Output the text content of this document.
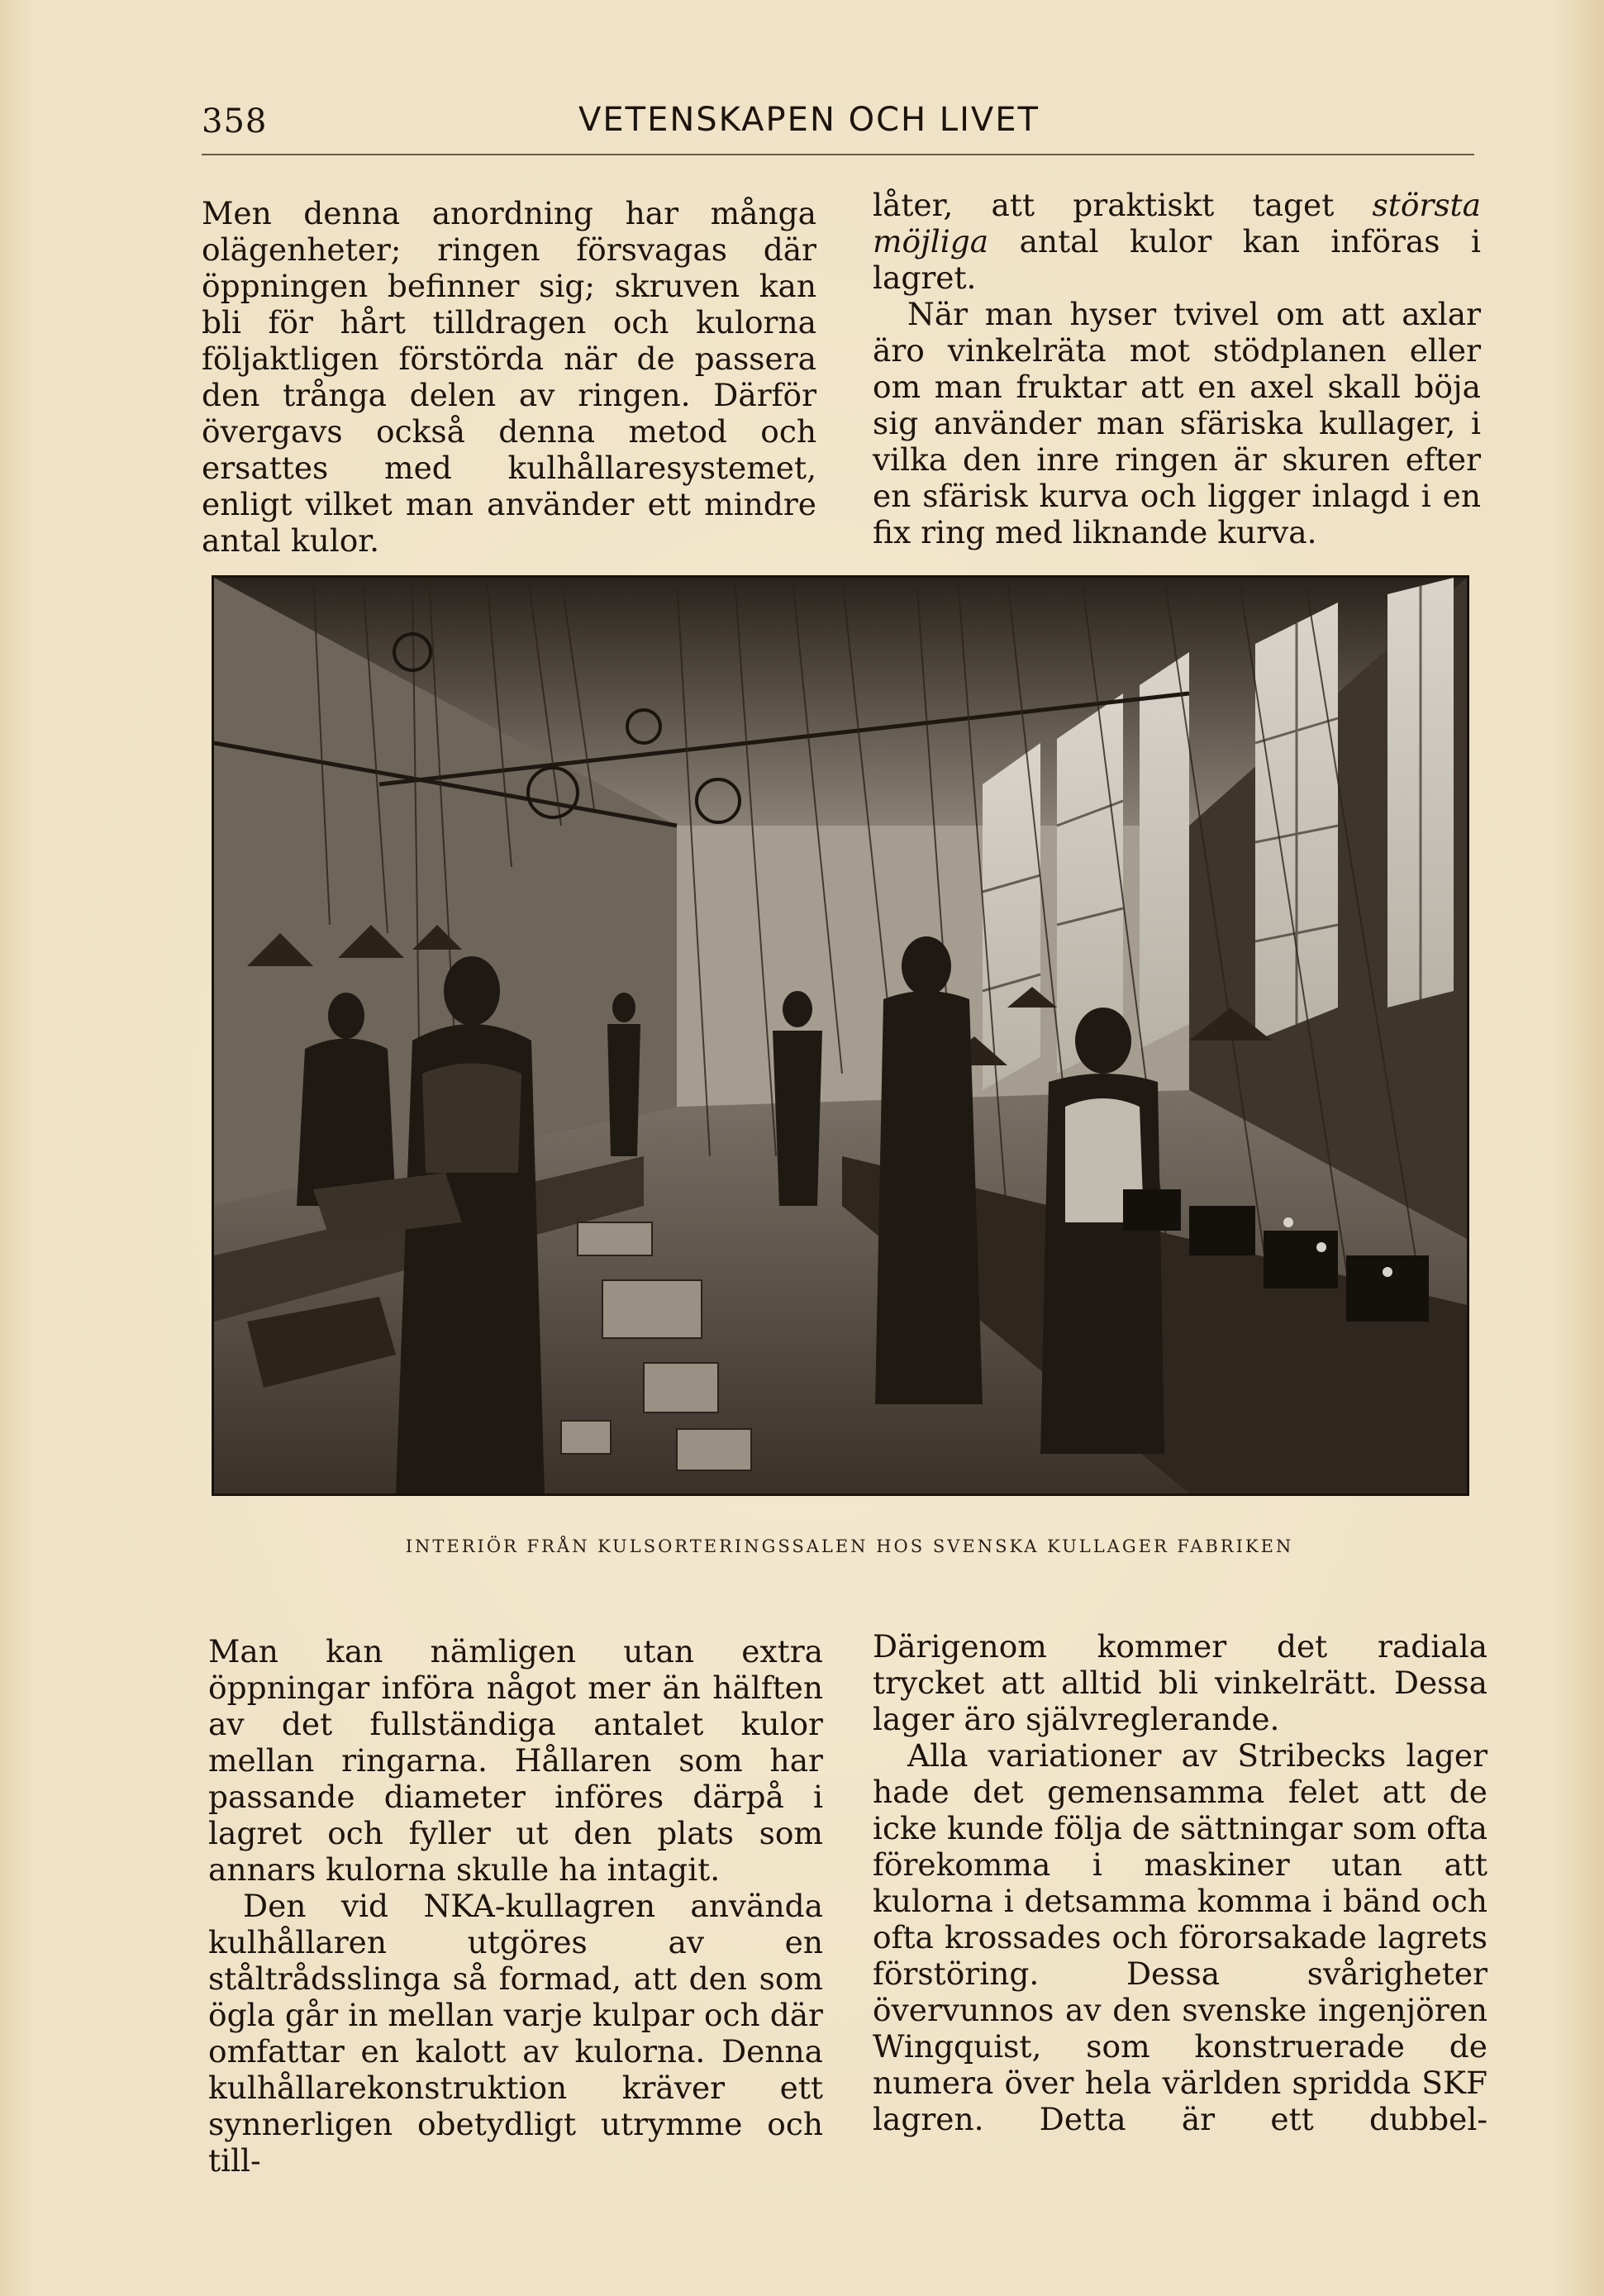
358	VETENSKAPEN OCH LIVET

Men denna anordning har många olägenheter; ringen försvagas där öppningen befinner sig; skruven kan bli för hårt tilldragen och kulorna följaktligen förstörda när de passera den trånga delen av ringen. Därför övergavs också denna metod och ersattes med kulhållaresystemet, enligt vilket man använder ett mindre antal kulor.

låter, att praktiskt taget största möjliga antal kulor kan införas i lagret.

När man hyser tvivel om att axlar äro vinkelräta mot stödplanen eller om man fruktar att en axel skall böja sig använder man sfäriska kullager, i vilka den inre ringen är skuren efter en sfärisk kurva och ligger inlagd i en fix ring med liknande kurva.

INTERIÖR FRÅN KULSORTERINGSSALEN HOS SVENSKA KULLAGER FABRIKEN

Man kan nämligen utan extra öppningar införa något mer än hälften av det fullständiga antalet kulor mellan ringarna. Hållaren som har passande diameter införes därpå i lagret och fyller ut den plats som annars kulorna skulle ha intagit.

Den vid NKA-kullagren använda kulhållaren utgöres av en ståltrådsslinga så formad, att den som ögla går in mellan varje kulpar och där omfattar en kalott av kulorna. Denna kulhållarekonstruktion kräver ett synnerligen obetydligt utrymme och till-

Därigenom kommer det radiala trycket att alltid bli vinkelrätt. Dessa lager äro självreglerande.

Alla variationer av Stribecks lager hade det gemensamma felet att de icke kunde följa de sättningar som ofta förekomma i maskiner utan att kulorna i detsamma komma i bänd och ofta krossades och förorsakade lagrets förstöring. Dessa svårigheter övervunnos av den svenske ingenjören Wingquist, som konstruerade de numera över hela världen spridda SKF lagren. Detta är ett dubbel-
